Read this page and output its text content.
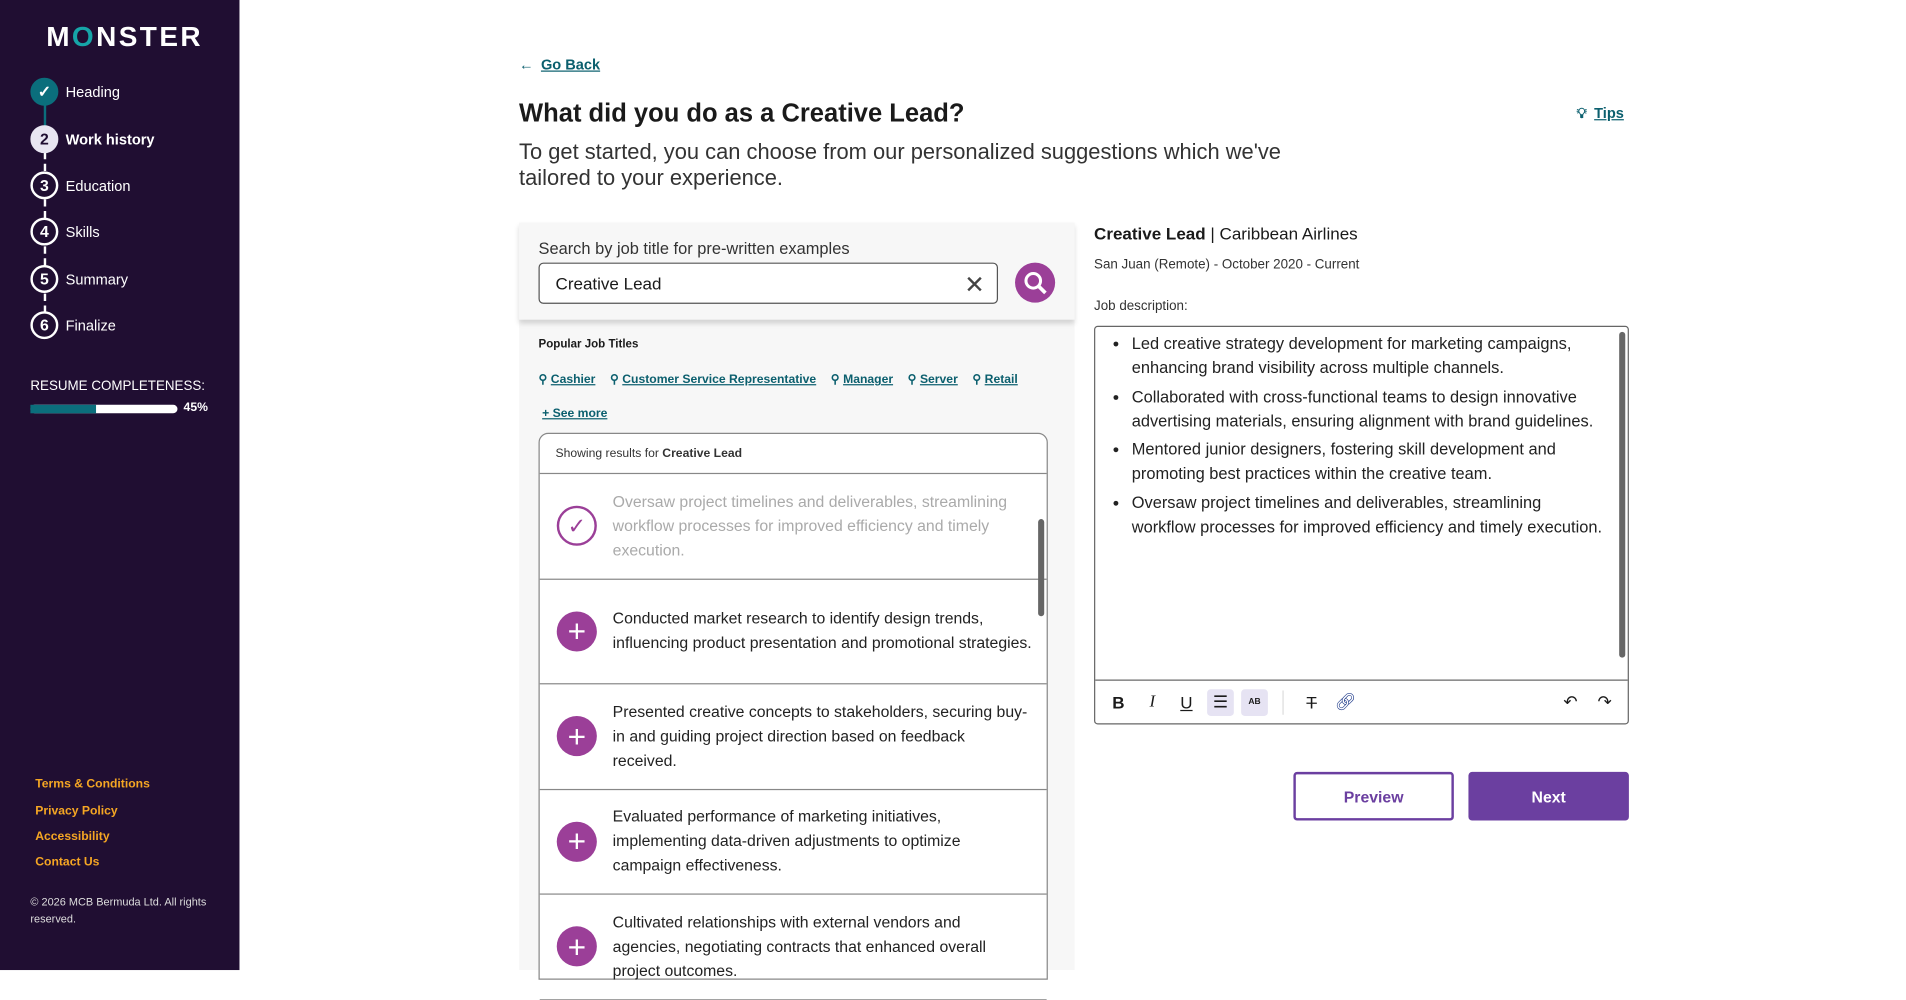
MONSTER
✓	Heading
2	Work history
3	Education
4	Skills
5	Summary
6	Finalize
RESUME COMPLETENESS:
45%
Terms & Conditions
Privacy Policy
Accessibility
Contact Us
© 2026 MCB Bermuda Ltd. All rights reserved.
← Go Back
What did you do as a Creative Lead?
To get started, you can choose from our personalized suggestions which we've tailored to your experience.
💡︎ Tips
Search by job title for pre-written examples
Creative Lead	✕
Popular Job Titles
⚲ Cashier ⚲ Customer Service Representative ⚲ Manager ⚲ Server ⚲ Retail
+ See more
Showing results for Creative Lead
✓
Oversaw project timelines and deliverables, streamlining workflow processes for improved efficiency and timely execution.
+	Conducted market research to identify design trends, influencing product presentation and promotional strategies.
+
Presented creative concepts to stakeholders, securing buy-in and guiding project direction based on feedback received.
+
Evaluated performance of marketing initiatives, implementing data-driven adjustments to optimize campaign effectiveness.
+
Cultivated relationships with external vendors and agencies, negotiating contracts that enhanced overall project outcomes.
Creative Lead | Caribbean Airlines
San Juan (Remote) - October 2020 - Current
Job description:
• Led creative strategy development for marketing campaigns, enhancing brand visibility across multiple channels.
• Collaborated with cross-functional teams to design innovative advertising materials, ensuring alignment with brand guidelines.
• Mentored junior designers, fostering skill development and promoting best practices within the creative team.
• Oversaw project timelines and deliverables, streamlining workflow processes for improved efficiency and timely execution.
B	I	U	☰	AB	T	🔗︎	↶	↷
Preview	Next
